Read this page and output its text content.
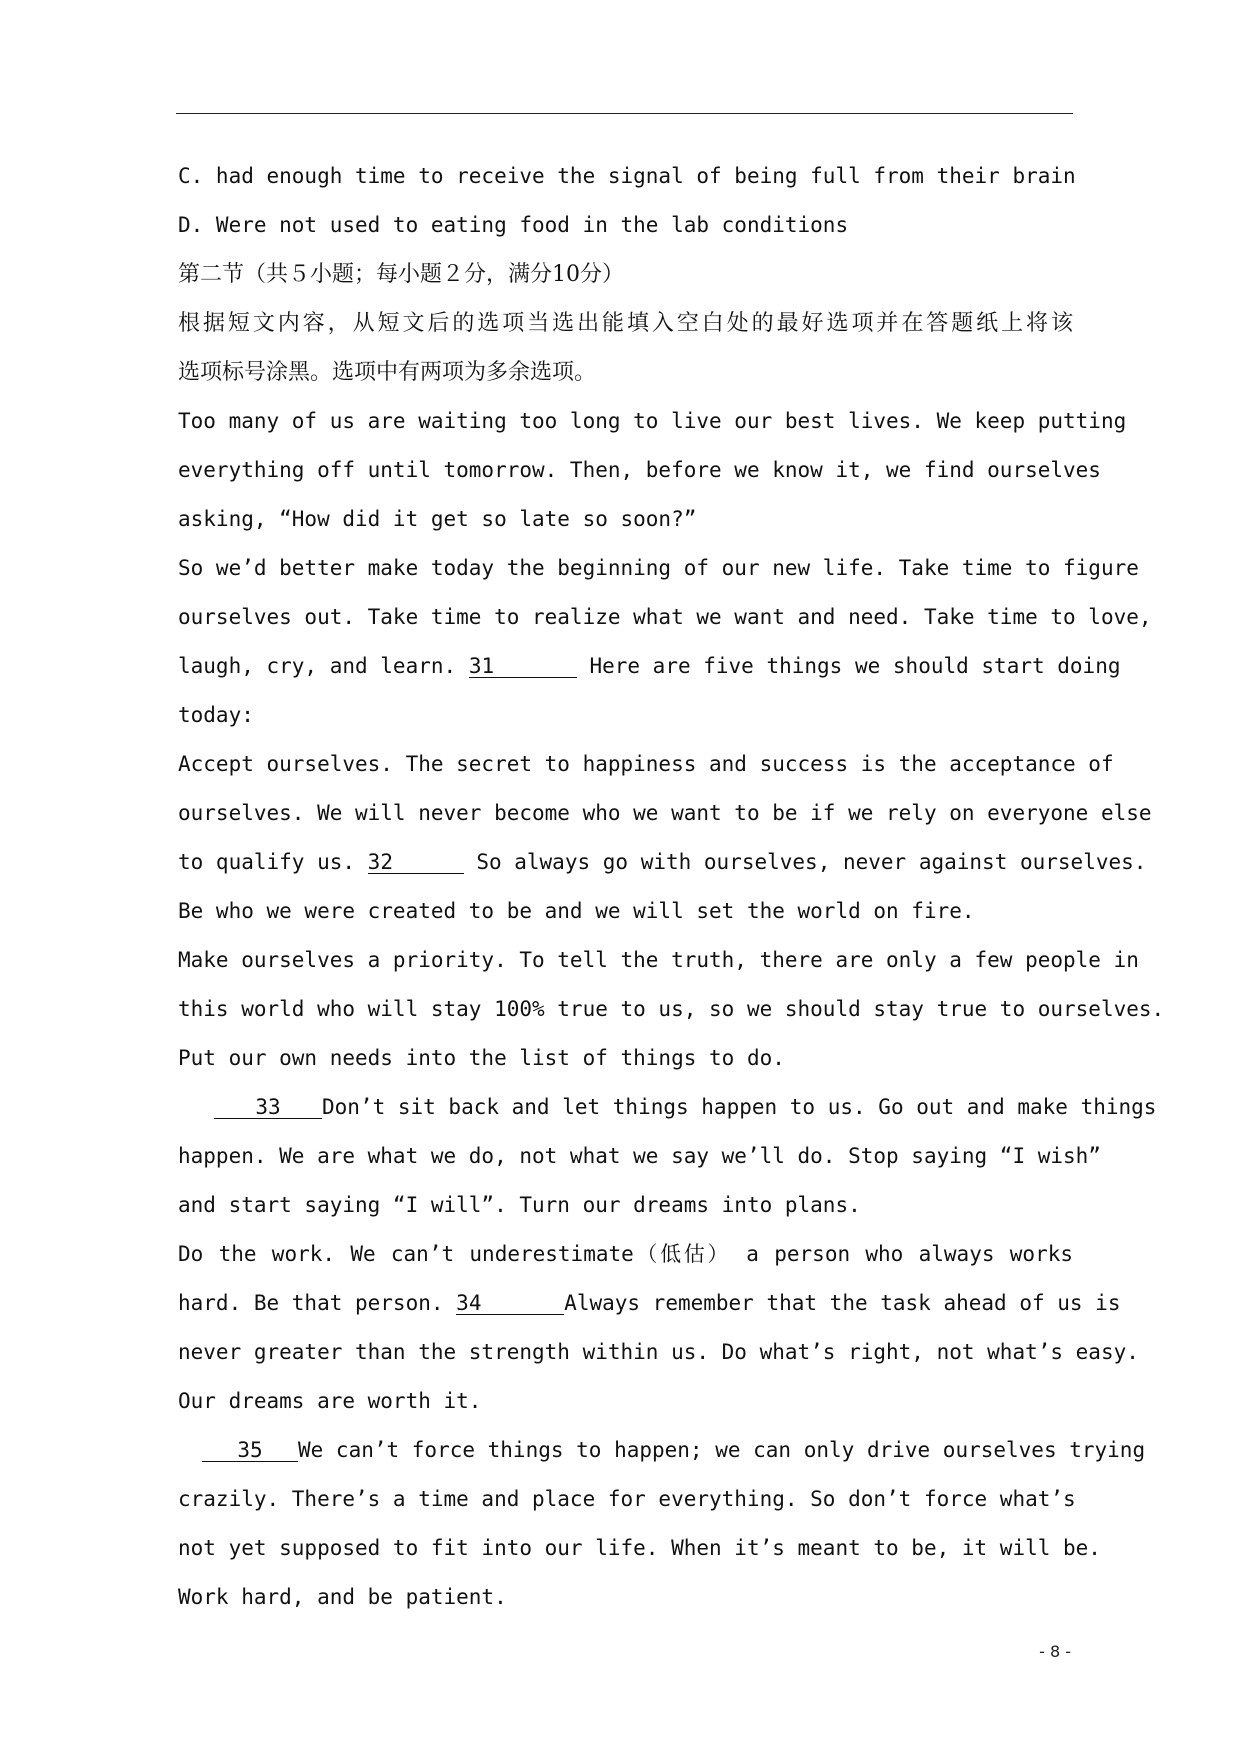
C. had enough time to receive the signal of being full from their brain
D. Were not used to eating food in the lab conditions
第二节（共５小题；每小题２分，满分10分）
根据短文内容，从短文后的选项当选出能填入空白处的最好选项并在答题纸上将该
选项标号涂黑。选项中有两项为多余选项。
Too many of us are waiting too long to live our best lives. We keep putting
everything off until tomorrow. Then, before we know it, we find ourselves
asking, “How did it get so late so soon?”
So we’d better make today the beginning of our new life. Take time to figure
ourselves out. Take time to realize what we want and need. Take time to love,
laugh, cry, and learn. 31	Here are five things we should start doing
today:
Accept ourselves. The secret to happiness and success is the acceptance of
ourselves. We will never become who we want to be if we rely on everyone else
to qualify us. 32	So always go with ourselves, never against ourselves.
Be who we were created to be and we will set the world on fire.
Make ourselves a priority. To tell the truth, there are only a few people in
this world who will stay 100% true to us, so we should stay true to ourselves.
Put our own needs into the list of things to do.
33 Don’t sit back and let things happen to us. Go out and make things
happen. We are what we do, not what we say we’ll do. Stop saying “I wish”
and start saying “I will”. Turn our dreams into plans.
Do the work. We can’t underestimate（低估） a person who always works
hard. Be that person. 34	Always remember that the task ahead of us is
never greater than the strength within us. Do what’s right, not what’s easy.
Our dreams are worth it.
35 We can’t force things to happen; we can only drive ourselves trying
crazily. There’s a time and place for everything. So don’t force what’s
not yet supposed to fit into our life. When it’s meant to be, it will be.
Work hard, and be patient.
- 8 -
